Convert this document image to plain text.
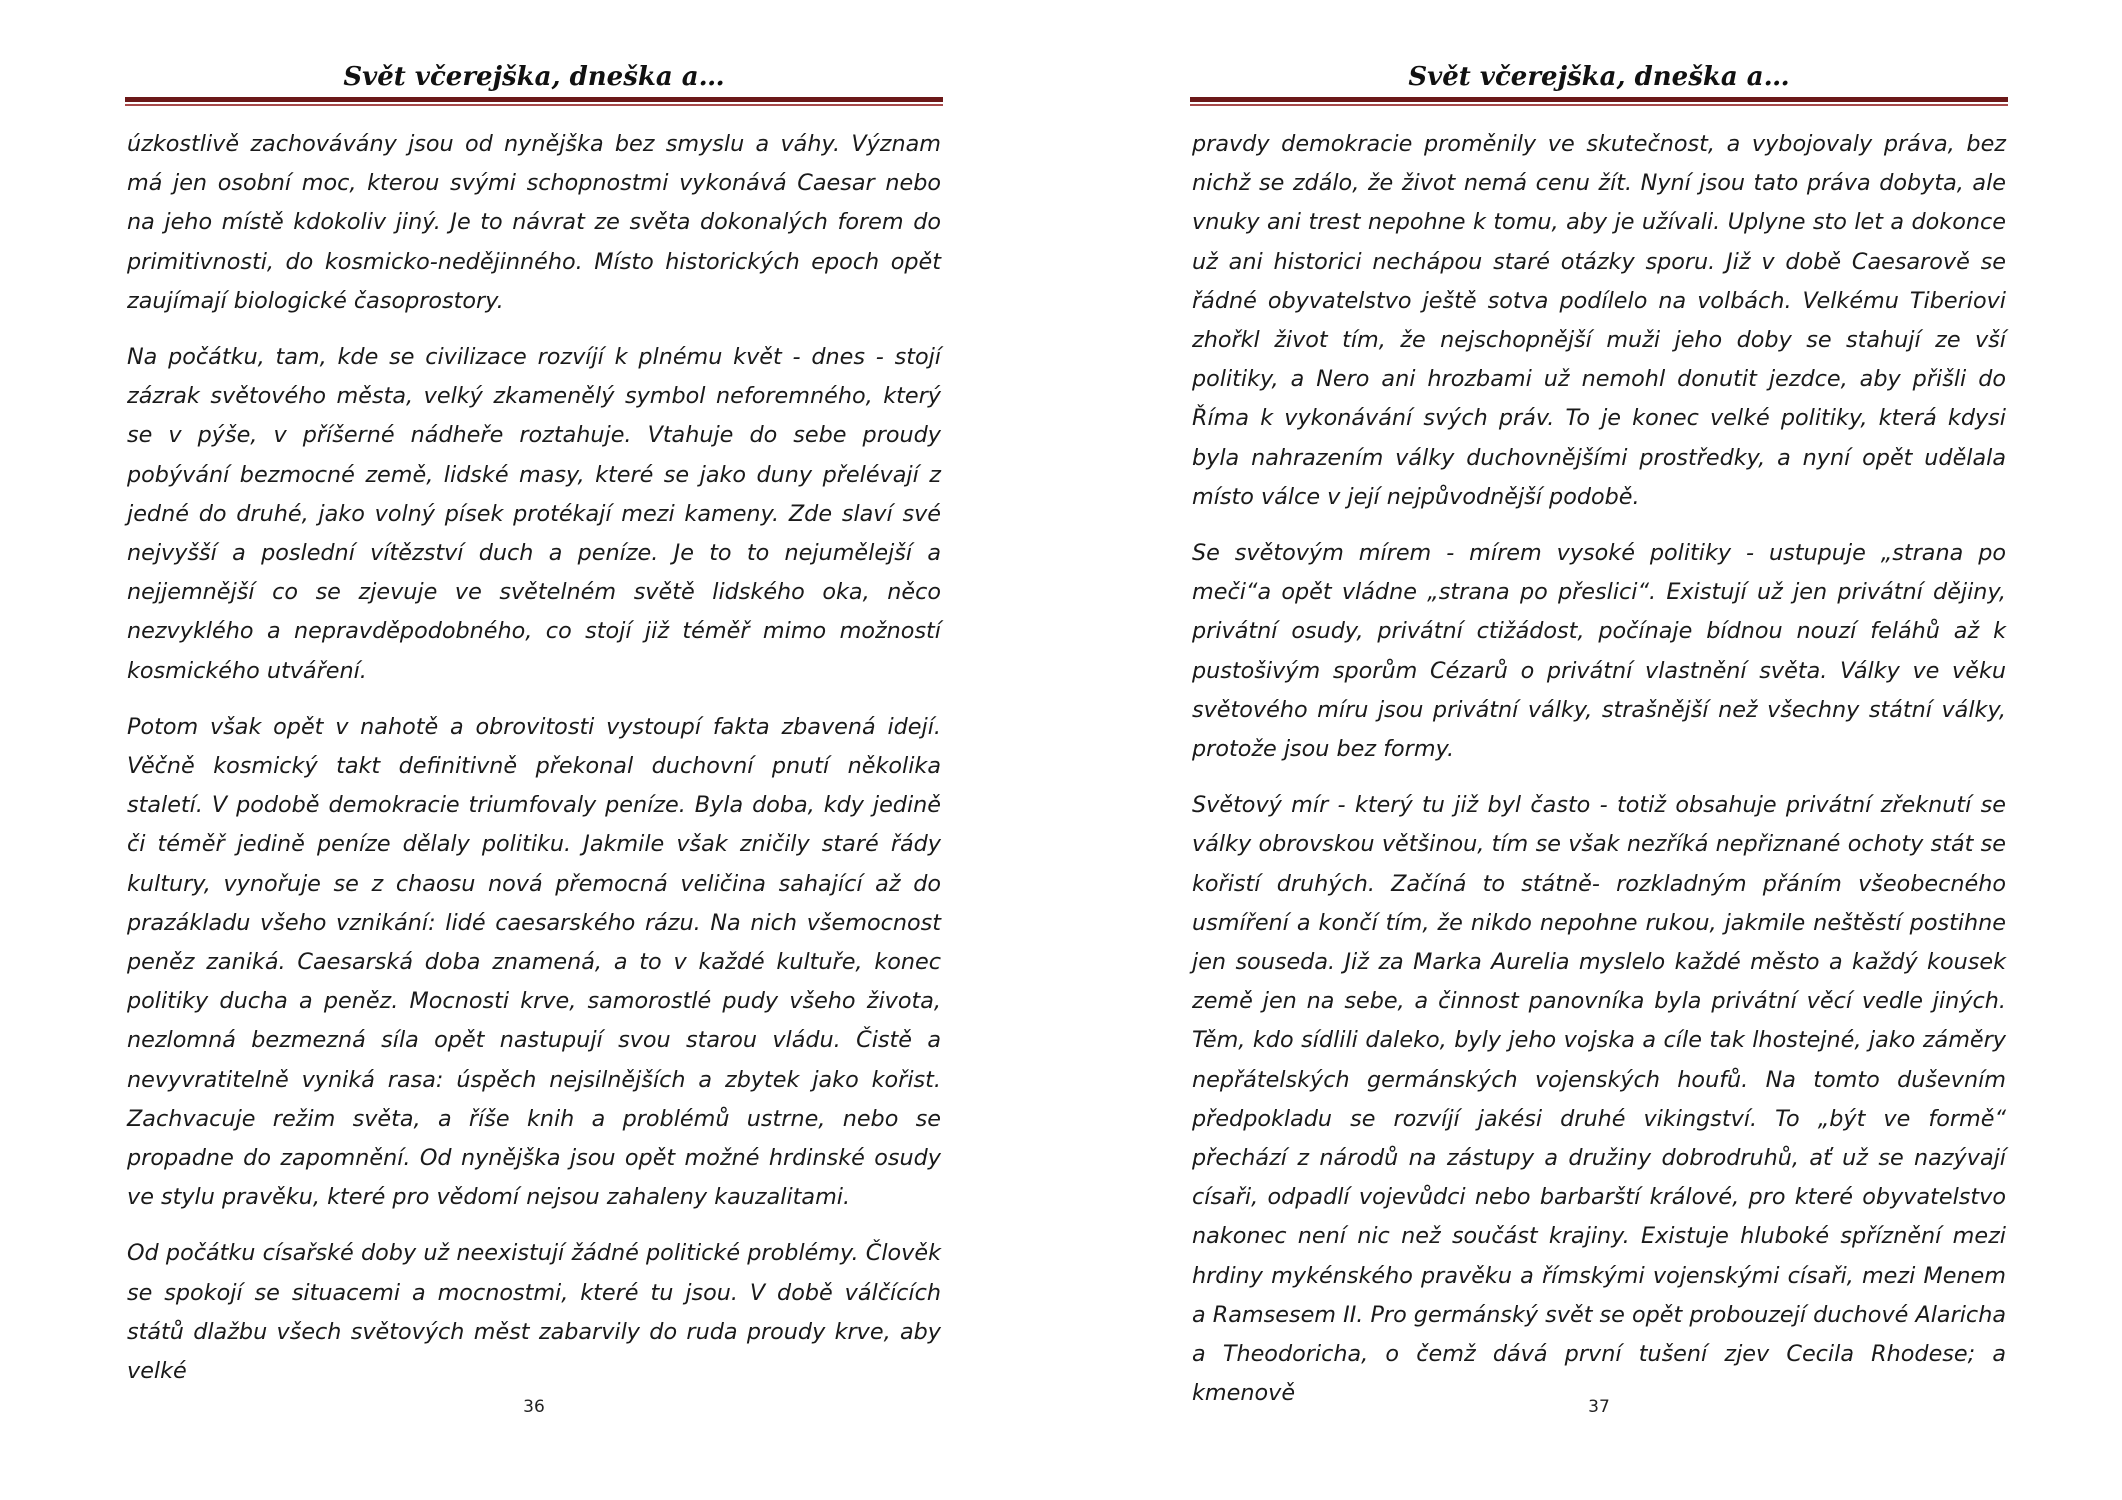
Svět včerejška, dneška a…

úzkostlivě zachovávány jsou od nynějška bez smyslu a váhy. Význam má jen osobní moc, kterou svými schopnostmi vykonává Caesar nebo na jeho místě kdokoliv jiný. Je to návrat ze světa dokonalých forem do primitivnosti, do kosmicko-nedějinného. Místo historických epoch opět zaujímají biologické časoprostory.

Na počátku, tam, kde se civilizace rozvíjí k plnému květ - dnes - stojí zázrak světového města, velký zkamenělý symbol neforemného, který se v pýše, v příšerné nádheře roztahuje. Vtahuje do sebe proudy pobývání bezmocné země, lidské masy, které se jako duny přelévají z jedné do druhé, jako volný písek protékají mezi kameny. Zde slaví své nejvyšší a poslední vítězství duch a peníze. Je to to nejumělejší a nejjemnější co se zjevuje ve světelném světě lidského oka, něco nezvyklého a nepravděpodobného, co stojí již téměř mimo možností kosmického utváření.

Potom však opět v nahotě a obrovitosti vystoupí fakta zbavená idejí. Věčně kosmický takt definitivně překonal duchovní pnutí několika staletí. V podobě demokracie triumfovaly peníze. Byla doba, kdy jedině či téměř jedině peníze dělaly politiku. Jakmile však zničily staré řády kultury, vynořuje se z chaosu nová přemocná veličina sahající až do prazákladu všeho vznikání: lidé caesarského rázu. Na nich všemocnost peněz zaniká. Caesarská doba znamená, a to v každé kultuře, konec politiky ducha a peněz. Mocnosti krve, samorostlé pudy všeho života, nezlomná bezmezná síla opět nastupují svou starou vládu. Čistě a nevyvratitelně vyniká rasa: úspěch nejsilnějších a zbytek jako kořist. Zachvacuje režim světa, a říše knih a problémů ustrne, nebo se propadne do zapomnění. Od nynějška jsou opět možné hrdinské osudy ve stylu pravěku, které pro vědomí nejsou zahaleny kauzalitami.

Od počátku císařské doby už neexistují žádné politické problémy. Člověk se spokojí se situacemi a mocnostmi, které tu jsou. V době válčících států dlažbu všech světových měst zabarvily do ruda proudy krve, aby velké

36
Svět včerejška, dneška a…

pravdy demokracie proměnily ve skutečnost, a vybojovaly práva, bez nichž se zdálo, že život nemá cenu žít. Nyní jsou tato práva dobyta, ale vnuky ani trest nepohne k tomu, aby je užívali. Uplyne sto let a dokonce už ani historici nechápou staré otázky sporu. Již v době Caesarově se řádné obyvatelstvo ještě sotva podílelo na volbách. Velkému Tiberiovi zhořkl život tím, že nejschopnější muži jeho doby se stahují ze vší politiky, a Nero ani hrozbami už nemohl donutit jezdce, aby přišli do Říma k vykonávání svých práv. To je konec velké politiky, která kdysi byla nahrazením války duchovnějšími prostředky, a nyní opět udělala místo válce v její nejpůvodnější podobě.

Se světovým mírem - mírem vysoké politiky - ustupuje „strana po meči“a opět vládne „strana po přeslici“. Existují už jen privátní dějiny, privátní osudy, privátní ctižádost, počínaje bídnou nouzí feláhů až k pustošivým sporům Cézarů o privátní vlastnění světa. Války ve věku světového míru jsou privátní války, strašnější než všechny státní války, protože jsou bez formy.

Světový mír - který tu již byl často - totiž obsahuje privátní zřeknutí se války obrovskou většinou, tím se však nezříká nepřiznané ochoty stát se kořistí druhých. Začíná to státně- rozkladným přáním všeobecného usmíření a končí tím, že nikdo nepohne rukou, jakmile neštěstí postihne jen souseda. Již za Marka Aurelia myslelo každé město a každý kousek země jen na sebe, a činnost panovníka byla privátní věcí vedle jiných. Těm, kdo sídlili daleko, byly jeho vojska a cíle tak lhostejné, jako záměry nepřátelských germánských vojenských houfů. Na tomto duševním předpokladu se rozvíjí jakési druhé vikingství. To „být ve formě“ přechází z národů na zástupy a družiny dobrodruhů, ať už se nazývají císaři, odpadlí vojevůdci nebo barbarští králové, pro které obyvatelstvo nakonec není nic než součást krajiny. Existuje hluboké spříznění mezi hrdiny mykénského pravěku a římskými vojenskými císaři, mezi Menem a Ramsesem II. Pro germánský svět se opět probouzejí duchové Alaricha a Theodoricha, o čemž dává první tušení zjev Cecila Rhodese; a kmenově

37
